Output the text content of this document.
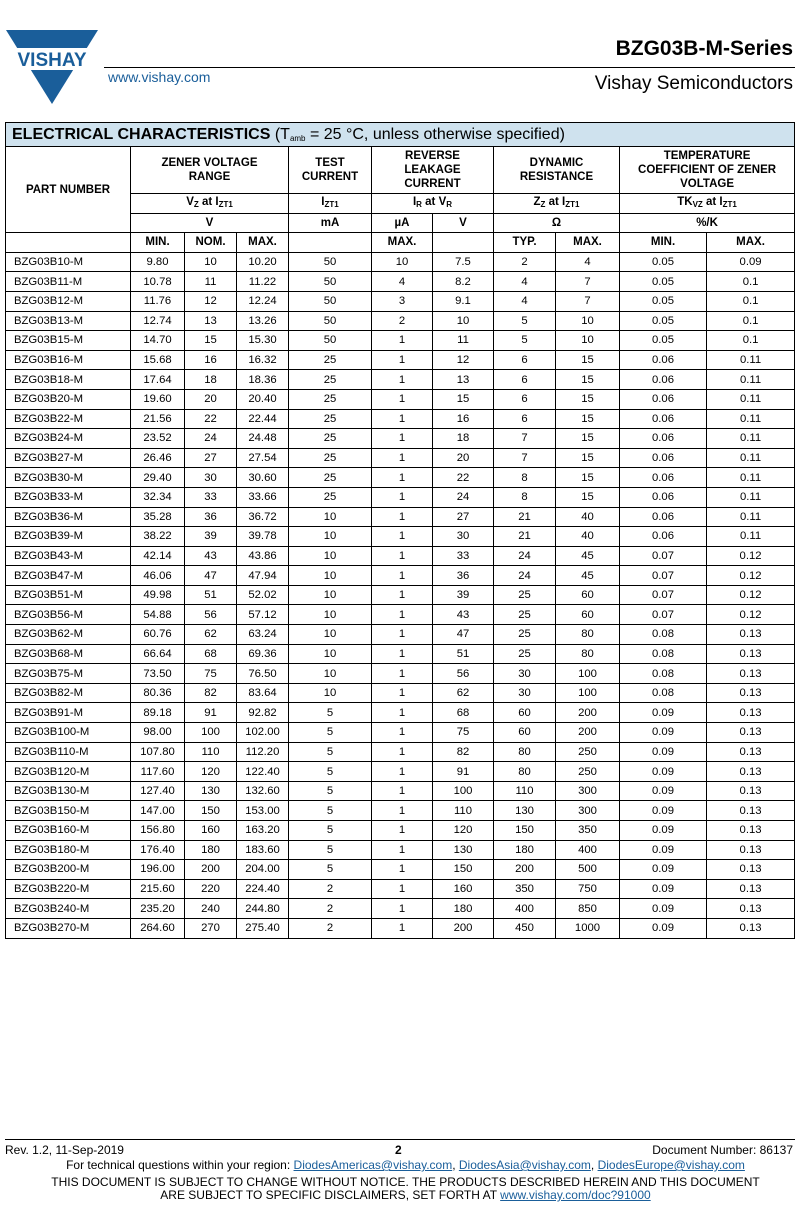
VISHAY
www.vishay.com
BZG03B-M-Series
Vishay Semiconductors
ELECTRICAL CHARACTERISTICS ($T_{amb} = 25$ °C, unless otherwise specified)										
PART NUMBER	ZENER VOLTAGE RANGE			TEST CURRENT	REVERSE LEAKAGE CURRENT		DYNAMIC RESISTANCE		TEMPERATURE COEFFICIENT OF ZENER VOLTAGE	
	$V_Z$ at $I_{ZT1}$			$I_{ZT1}$	$I_R$ at $V_R$		$Z_Z$ at $I_{ZT1}$		$TK_{VZ}$ at $I_{ZT1}$
	V			mA	µA	V	Ω		%/K	
	MIN.	NOM.	MAX.		MAX.		TYP.	MAX.	MIN.	MAX.
BZG03B10-M	9.80	10	10.20	50	10	7.5	2	4	0.05	0.09
BZG03B11-M	10.78	11	11.22	50	4	8.2	4	7	0.05	0.1
BZG03B12-M	11.76	12	12.24	50	3	9.1	4	7	0.05	0.1
BZG03B13-M	12.74	13	13.26	50	2	10	5	10	0.05	0.1
BZG03B15-M	14.70	15	15.30	50	1	11	5	10	0.05	0.1
BZG03B16-M	15.68	16	16.32	25	1	12	6	15	0.06	0.11
BZG03B18-M	17.64	18	18.36	25	1	13	6	15	0.06	0.11
BZG03B20-M	19.60	20	20.40	25	1	15	6	15	0.06	0.11
BZG03B22-M	21.56	22	22.44	25	1	16	6	15	0.06	0.11
BZG03B24-M	23.52	24	24.48	25	1	18	7	15	0.06	0.11
BZG03B27-M	26.46	27	27.54	25	1	20	7	15	0.06	0.11
BZG03B30-M	29.40	30	30.60	25	1	22	8	15	0.06	0.11
BZG03B33-M	32.34	33	33.66	25	1	24	8	15	0.06	0.11
BZG03B36-M	35.28	36	36.72	10	1	27	21	40	0.06	0.11
BZG03B39-M	38.22	39	39.78	10	1	30	21	40	0.06	0.11
BZG03B43-M	42.14	43	43.86	10	1	33	24	45	0.07	0.12
BZG03B47-M	46.06	47	47.94	10	1	36	24	45	0.07	0.12
BZG03B51-M	49.98	51	52.02	10	1	39	25	60	0.07	0.12
BZG03B56-M	54.88	56	57.12	10	1	43	25	60	0.07	0.12
BZG03B62-M	60.76	62	63.24	10	1	47	25	80	0.08	0.13
BZG03B68-M	66.64	68	69.36	10	1	51	25	80	0.08	0.13
BZG03B75-M	73.50	75	76.50	10	1	56	30	100	0.08	0.13
BZG03B82-M	80.36	82	83.64	10	1	62	30	100	0.08	0.13
BZG03B91-M	89.18	91	92.82	5	1	68	60	200	0.09	0.13
BZG03B100-M	98.00	100	102.00	5	1	75	60	200	0.09	0.13
BZG03B110-M	107.80	110	112.20	5	1	82	80	250	0.09	0.13
BZG03B120-M	117.60	120	122.40	5	1	91	80	250	0.09	0.13
BZG03B130-M	127.40	130	132.60	5	1	100	110	300	0.09	0.13
BZG03B150-M	147.00	150	153.00	5	1	110	130	300	0.09	0.13
BZG03B160-M	156.80	160	163.20	5	1	120	150	350	0.09	0.13
BZG03B180-M	176.40	180	183.60	5	1	130	180	400	0.09	0.13
BZG03B200-M	196.00	200	204.00	5	1	150	200	500	0.09	0.13
BZG03B220-M	215.60	220	224.40	2	1	160	350	750	0.09	0.13
BZG03B240-M	235.20	240	244.80	2	1	180	400	850	0.09	0.13
BZG03B270-M	264.60	270	275.40	2	1	200	450	1000	0.09	0.13
Rev. 1.2, 11-Sep-2019	2	Document Number: 86137
For technical questions within your region: DiodesAmericas@vishay.com, DiodesAsia@vishay.com, DiodesEurope@vishay.com
THIS DOCUMENT IS SUBJECT TO CHANGE WITHOUT NOTICE. THE PRODUCTS DESCRIBED HEREIN AND THIS DOCUMENT
ARE SUBJECT TO SPECIFIC DISCLAIMERS, SET FORTH AT www.vishay.com/doc?91000
